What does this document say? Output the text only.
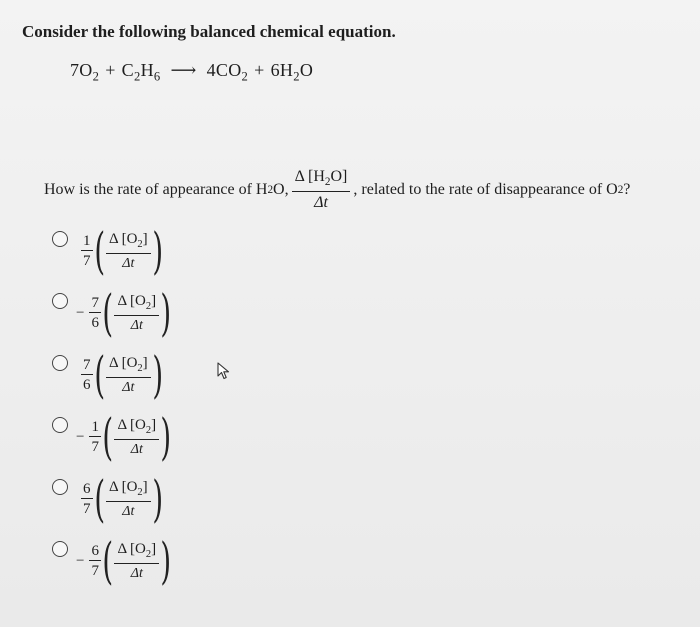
Consider the following balanced chemical equation.
$7O_2 + C_2H_6$ ⟶ $4CO_2 + 6H_2O$
How is the rate of appearance of H 2 O, $\frac{\Delta [H_2O]}{\Delta t}$ , related to the rate of disappearance of O 2 ?
$\frac{1}{7}$ ( $\frac{\Delta [O_2]}{\Delta t}$ )
− $\frac{7}{6}$ ( $\frac{\Delta [O_2]}{\Delta t}$ )
$\frac{7}{6}$ ( $\frac{\Delta [O_2]}{\Delta t}$ )
− $\frac{1}{7}$ ( $\frac{\Delta [O_2]}{\Delta t}$ )
$\frac{6}{7}$ ( $\frac{\Delta [O_2]}{\Delta t}$ )
− $\frac{6}{7}$ ( $\frac{\Delta [O_2]}{\Delta t}$ )
